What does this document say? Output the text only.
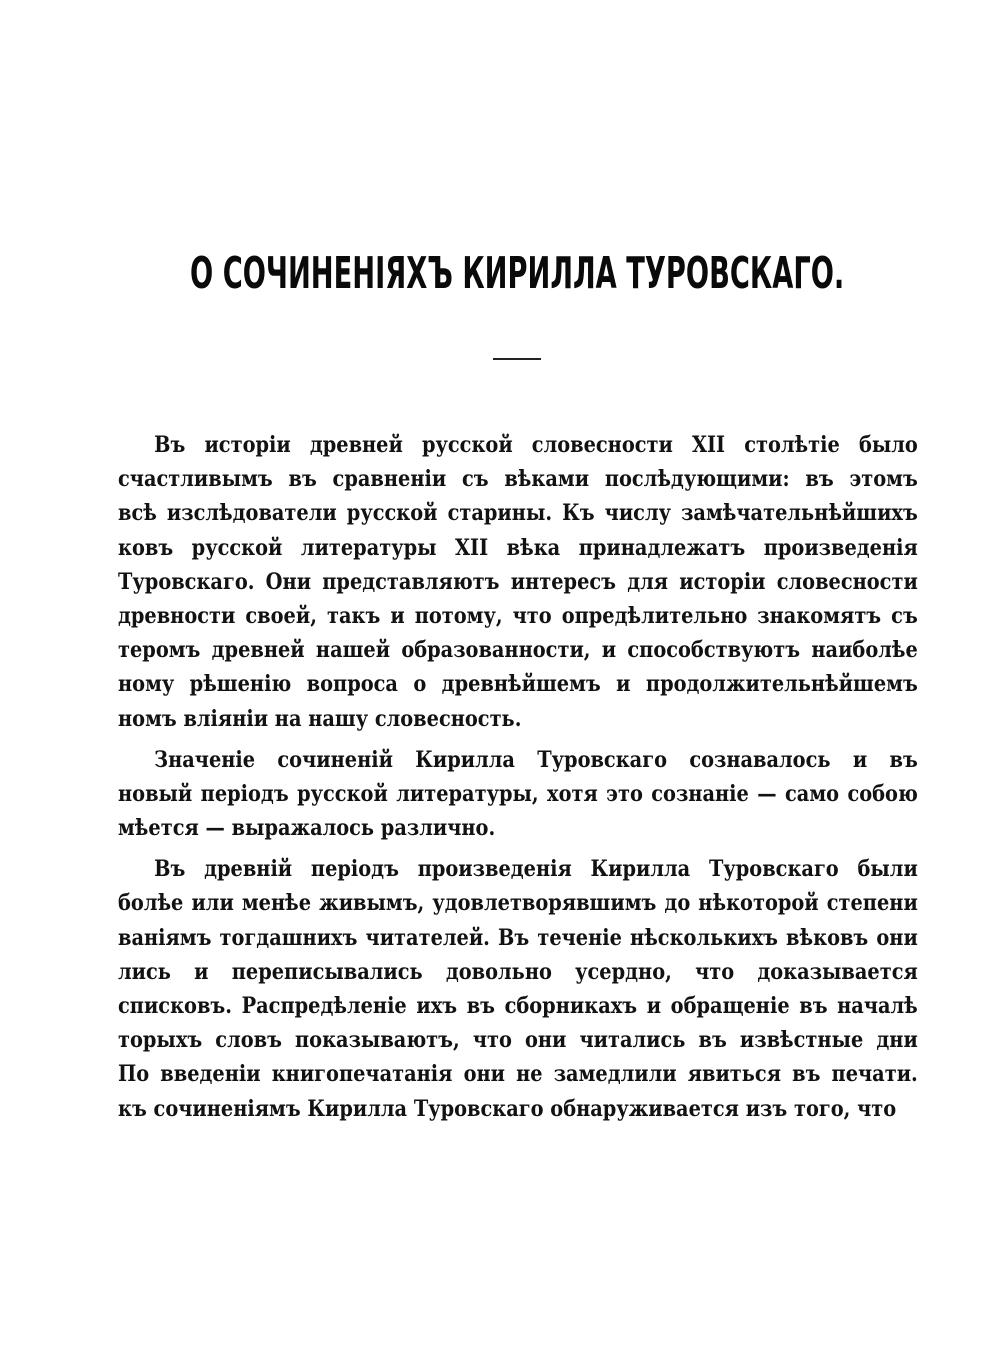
О СОЧИНЕНІЯХЪ КИРИЛЛА ТУРОВСКАГО.
Въ исторіи древней русской словесности XII столѣтіе было
счастливымъ въ сравненіи съ вѣками послѣдующими: въ этомъ
всѣ изслѣдователи русской старины. Къ числу замѣчательнѣйшихъ
ковъ русской литературы XII вѣка принадлежатъ произведенія
Туровскаго. Они представляютъ интересъ для исторіи словесности
древности своей, такъ и потому, что опредѣлительно знакомятъ съ
теромъ древней нашей образованности, и способствуютъ наиболѣе
ному рѣшенію вопроса о древнѣйшемъ и продолжительнѣйшемъ
номъ вліяніи на нашу словесность.
Значеніе сочиненій Кирилла Туровскаго сознавалось и въ
новый періодъ русской литературы, хотя это сознаніе — само собою
мѣется — выражалось различно.
Въ древній періодъ произведенія Кирилла Туровскаго были
болѣе или менѣе живымъ, удовлетворявшимъ до нѣкоторой степени
ваніямъ тогдашнихъ читателей. Въ теченіе нѣсколькихъ вѣковъ они
лись и переписывались довольно усердно, что доказывается
списковъ. Распредѣленіе ихъ въ сборникахъ и обращеніе въ началѣ
торыхъ словъ показываютъ, что они читались въ извѣстные дни
По введеніи книгопечатанія они не замедлили явиться въ печати.
къ сочиненіямъ Кирилла Туровскаго обнаруживается изъ того, что
